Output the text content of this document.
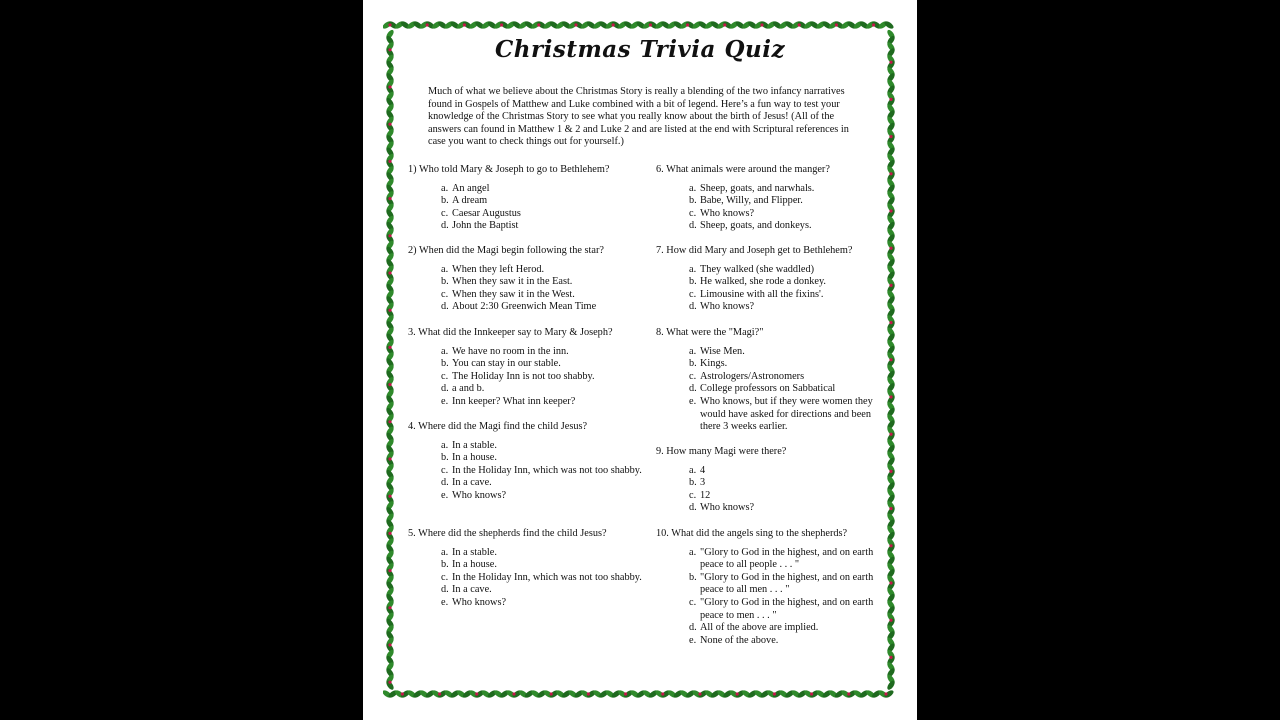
Christmas Trivia Quiz

Much of what we believe about the Christmas Story is really a blending of the two infancy narratives found in Gospels of Matthew and Luke combined with a bit of legend. Here’s a fun way to test your knowledge of the Christmas Story to see what you really know about the birth of Jesus! (All of the answers can found in Matthew 1 & 2 and Luke 2 and are listed at the end with Scriptural references in case you want to check things out for yourself.)

1) Who told Mary & Joseph to go to Bethlehem?

a. An angel
b. A dream
c. Caesar Augustus
d. John the Baptist

2) When did the Magi begin following the star?

a. When they left Herod.
b. When they saw it in the East.
c. When they saw it in the West.
d. About 2:30 Greenwich Mean Time

3. What did the Innkeeper say to Mary & Joseph?

a. We have no room in the inn.
b. You can stay in our stable.
c. The Holiday Inn is not too shabby.
d. a and b.
e. Inn keeper? What inn keeper?

4. Where did the Magi find the child Jesus?

a. In a stable.
b. In a house.
c. In the Holiday Inn, which was not too shabby.
d. In a cave.
e. Who knows?

5. Where did the shepherds find the child Jesus?

a. In a stable.
b. In a house.
c. In the Holiday Inn, which was not too shabby.
d. In a cave.
e. Who knows?

6. What animals were around the manger?

a. Sheep, goats, and narwhals.
b. Babe, Willy, and Flipper.
c. Who knows?
d. Sheep, goats, and donkeys.

7. How did Mary and Joseph get to Bethlehem?

a. They walked (she waddled)
b. He walked, she rode a donkey.
c. Limousine with all the fixins'.
d. Who knows?

8. What were the "Magi?"

a. Wise Men.
b. Kings.
c. Astrologers/Astronomers
d. College professors on Sabbatical
e. Who knows, but if they were women they would have asked for directions and been there 3 weeks earlier.

9. How many Magi were there?

a. 4
b. 3
c. 12
d. Who knows?

10. What did the angels sing to the shepherds?

a. "Glory to God in the highest, and on earth peace to all people . . . "
b. "Glory to God in the highest, and on earth peace to all men . . . "
c. "Glory to God in the highest, and on earth peace to men . . . "
d. All of the above are implied.
e. None of the above.
